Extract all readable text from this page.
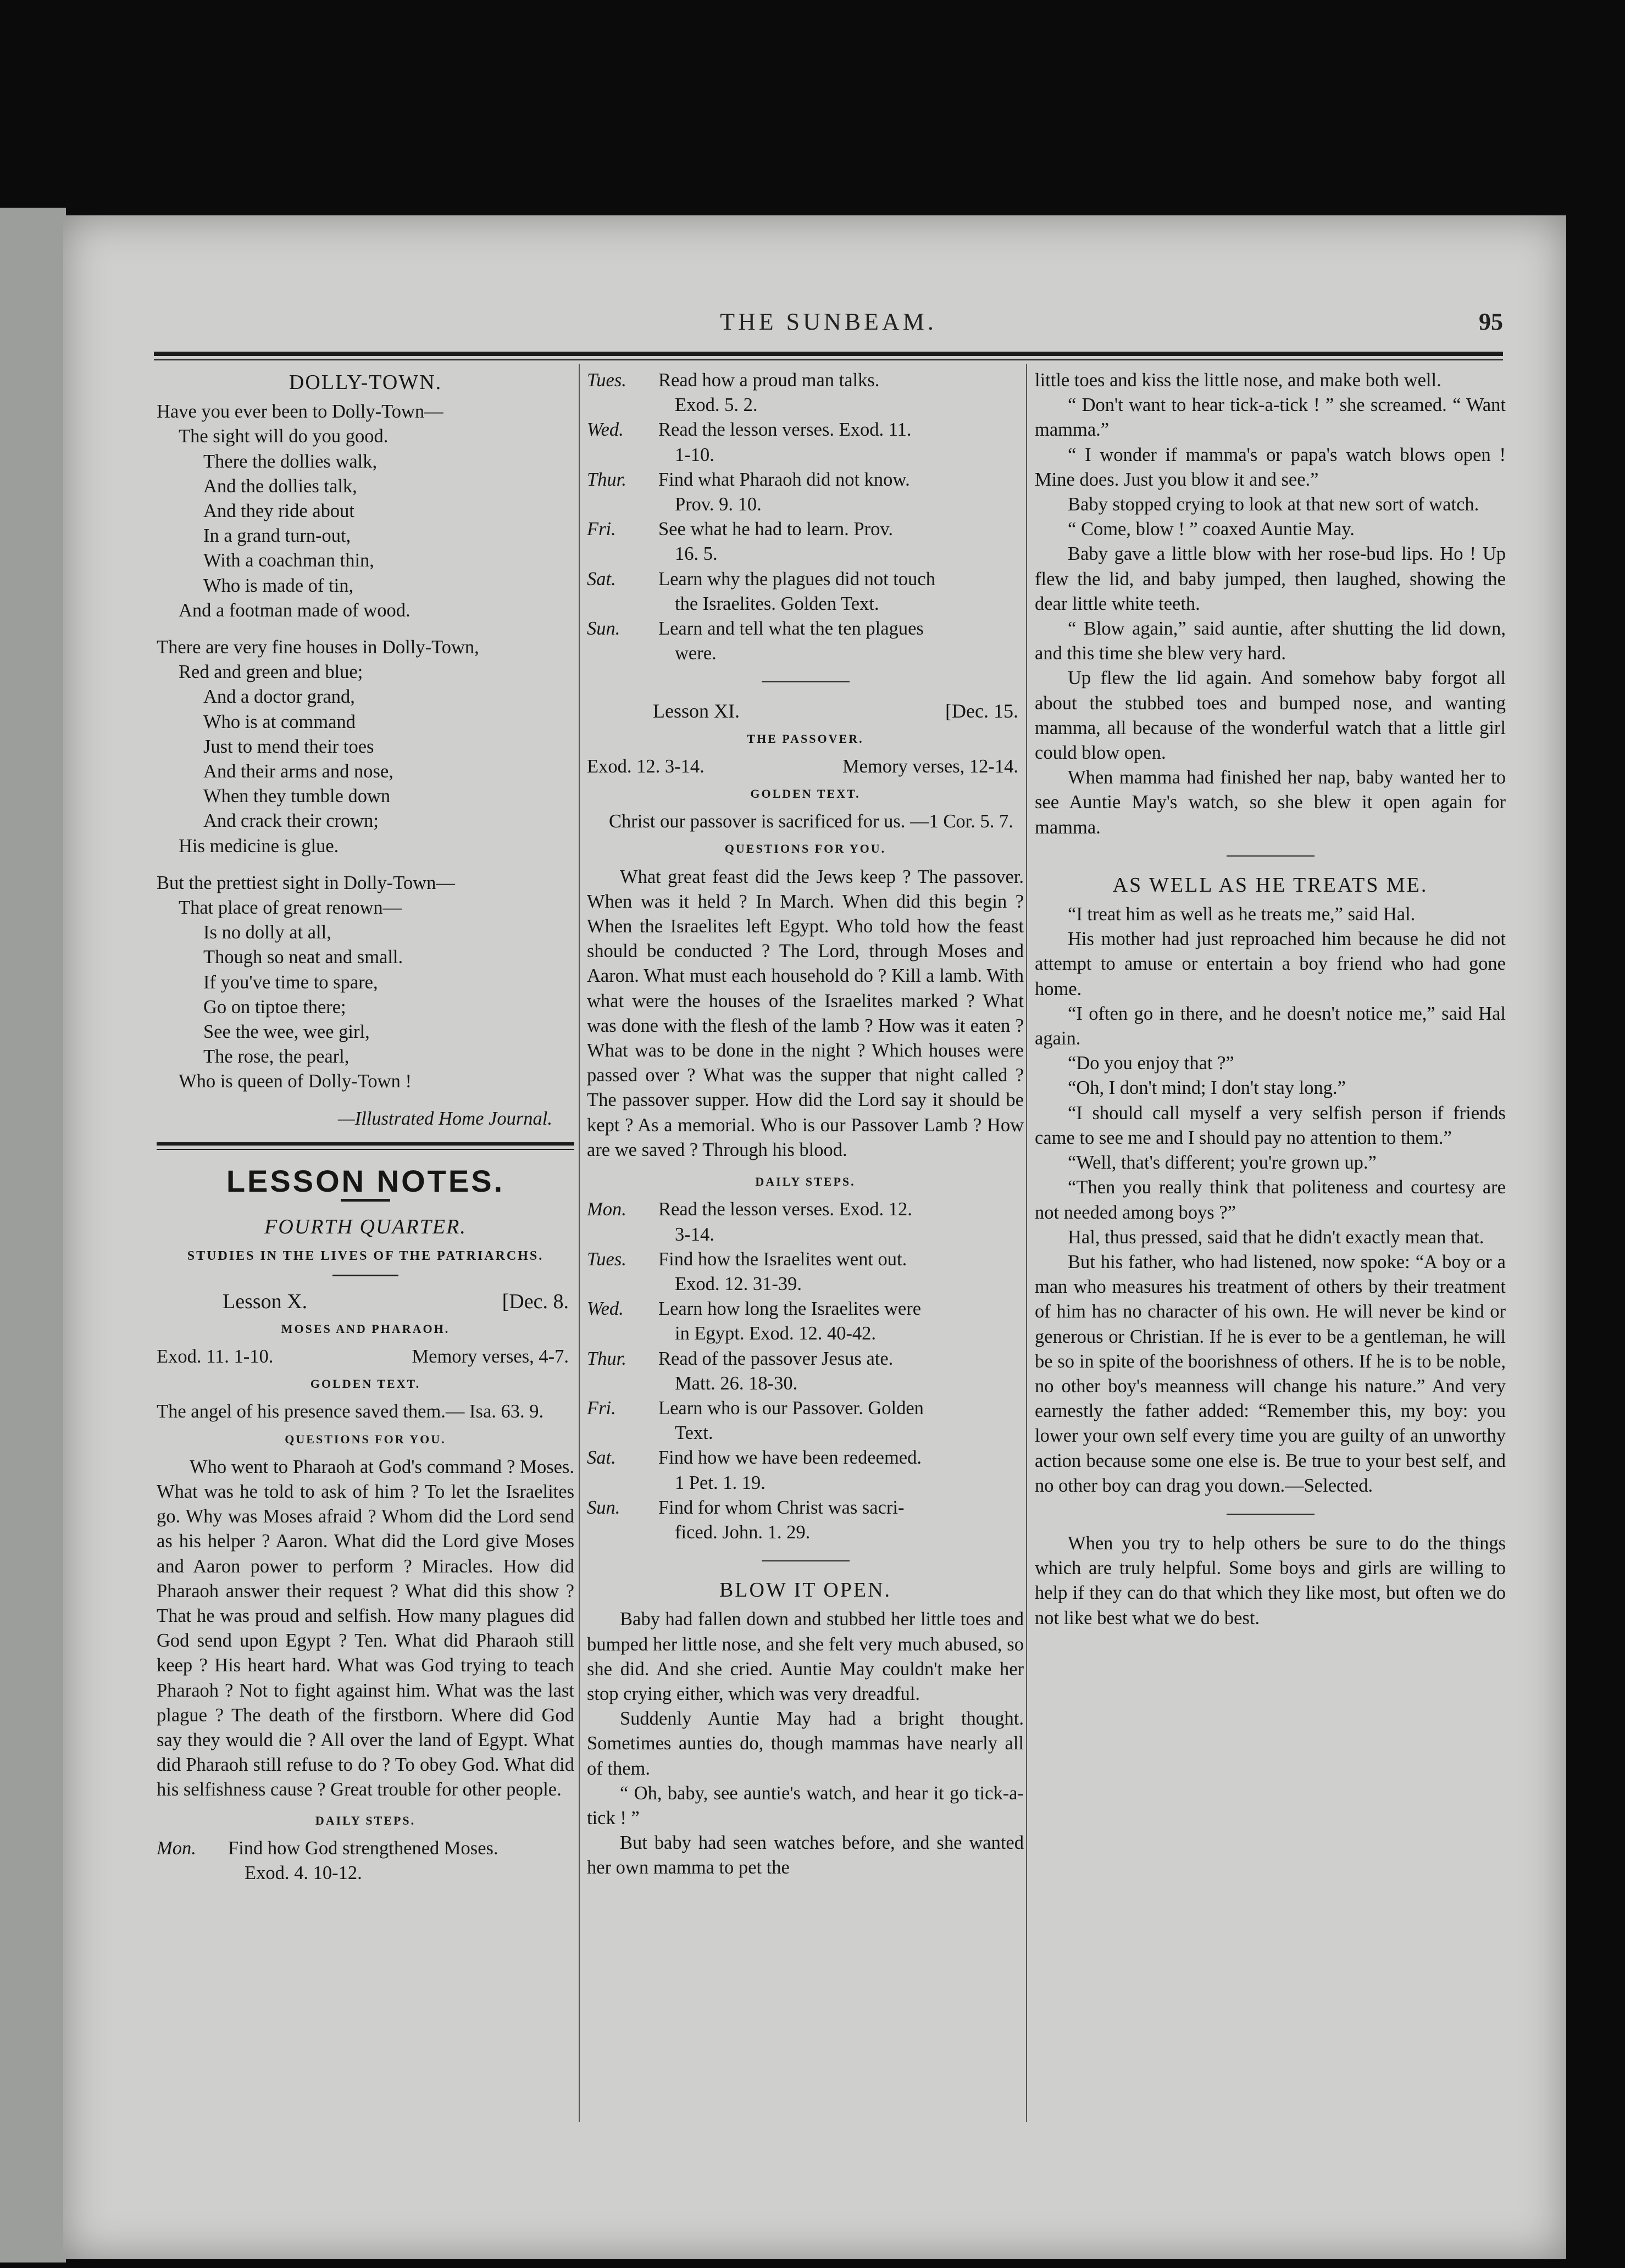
THE SUNBEAM.	95
DOLLY-TOWN.
Have you ever been to Dolly-Town—
The sight will do you good.
There the dollies walk,
And the dollies talk,
And they ride about
In a grand turn-out,
With a coachman thin,
Who is made of tin,
And a footman made of wood.
There are very fine houses in Dolly-Town,
Red and green and blue;
And a doctor grand,
Who is at command
Just to mend their toes
And their arms and nose,
When they tumble down
And crack their crown;
His medicine is glue.
But the prettiest sight in Dolly-Town—
That place of great renown—
Is no dolly at all,
Though so neat and small.
If you've time to spare,
Go on tiptoe there;
See the wee, wee girl,
The rose, the pearl,
Who is queen of Dolly-Town !
—Illustrated Home Journal.
LESSON NOTES.
FOURTH QUARTER.
STUDIES IN THE LIVES OF THE PATRIARCHS.
Lesson X.	[Dec. 8.
MOSES AND PHARAOH.
Exod. 11. 1-10.	Memory verses, 4-7.
GOLDEN TEXT.

The angel of his presence saved them.— Isa. 63. 9.

QUESTIONS FOR YOU.

Who went to Pharaoh at God's command ? Moses. What was he told to ask of him ? To let the Israelites go. Why was Moses afraid ? Whom did the Lord send as his helper ? Aaron. What did the Lord give Moses and Aaron power to perform ? Miracles. How did Pharaoh answer their request ? What did this show ? That he was proud and selfish. How many plagues did God send upon Egypt ? Ten. What did Pharaoh still keep ? His heart hard. What was God trying to teach Pharaoh ? Not to fight against him. What was the last plague ? The death of the firstborn. Where did God say they would die ? All over the land of Egypt. What did Pharaoh still refuse to do ? To obey God. What did his selfishness cause ? Great trouble for other people.

DAILY STEPS.
Mon.	Find how God strengthened Moses.
Exod. 4. 10-12.
Tues.	Read how a proud man talks.
Exod. 5. 2.
Wed.	Read the lesson verses. Exod. 11.
1-10.
Thur.	Find what Pharaoh did not know.
Prov. 9. 10.
Fri.	See what he had to learn. Prov.
16. 5.
Sat.	Learn why the plagues did not touch
the Israelites. Golden Text.
Sun.	Learn and tell what the ten plagues
were.
Lesson XI.	[Dec. 15.
THE PASSOVER.
Exod. 12. 3-14.	Memory verses, 12-14.
GOLDEN TEXT.

Christ our passover is sacrificed for us. —1 Cor. 5. 7.

QUESTIONS FOR YOU.

What great feast did the Jews keep ? The passover. When was it held ? In March. When did this begin ? When the Israelites left Egypt. Who told how the feast should be conducted ? The Lord, through Moses and Aaron. What must each household do ? Kill a lamb. With what were the houses of the Israelites marked ? What was done with the flesh of the lamb ? How was it eaten ? What was to be done in the night ? Which houses were passed over ? What was the supper that night called ? The passover supper. How did the Lord say it should be kept ? As a memorial. Who is our Passover Lamb ? How are we saved ? Through his blood.

DAILY STEPS.
Mon.	Read the lesson verses. Exod. 12.
3-14.
Tues.	Find how the Israelites went out.
Exod. 12. 31-39.
Wed.	Learn how long the Israelites were
in Egypt. Exod. 12. 40-42.
Thur.	Read of the passover Jesus ate.
Matt. 26. 18-30.
Fri.	Learn who is our Passover. Golden
Text.
Sat.	Find how we have been redeemed.
1 Pet. 1. 19.
Sun.	Find for whom Christ was sacri-
ficed. John. 1. 29.
BLOW IT OPEN.

Baby had fallen down and stubbed her little toes and bumped her little nose, and she felt very much abused, so she did. And she cried. Auntie May couldn't make her stop crying either, which was very dreadful.

Suddenly Auntie May had a bright thought. Sometimes aunties do, though mammas have nearly all of them.

“ Oh, baby, see auntie's watch, and hear it go tick-a-tick ! ”

But baby had seen watches before, and she wanted her own mamma to pet the

little toes and kiss the little nose, and make both well.

“ Don't want to hear tick-a-tick ! ” she screamed. “ Want mamma.”

“ I wonder if mamma's or papa's watch blows open ! Mine does. Just you blow it and see.”

Baby stopped crying to look at that new sort of watch.

“ Come, blow ! ” coaxed Auntie May.

Baby gave a little blow with her rose-bud lips. Ho ! Up flew the lid, and baby jumped, then laughed, showing the dear little white teeth.

“ Blow again,” said auntie, after shutting the lid down, and this time she blew very hard.

Up flew the lid again. And somehow baby forgot all about the stubbed toes and bumped nose, and wanting mamma, all because of the wonderful watch that a little girl could blow open.

When mamma had finished her nap, baby wanted her to see Auntie May's watch, so she blew it open again for mamma.

AS WELL AS HE TREATS ME.

“I treat him as well as he treats me,” said Hal.

His mother had just reproached him because he did not attempt to amuse or entertain a boy friend who had gone home.

“I often go in there, and he doesn't notice me,” said Hal again.

“Do you enjoy that ?”

“Oh, I don't mind; I don't stay long.”

“I should call myself a very selfish person if friends came to see me and I should pay no attention to them.”

“Well, that's different; you're grown up.”

“Then you really think that politeness and courtesy are not needed among boys ?”

Hal, thus pressed, said that he didn't exactly mean that.

But his father, who had listened, now spoke: “A boy or a man who measures his treatment of others by their treatment of him has no character of his own. He will never be kind or generous or Christian. If he is ever to be a gentleman, he will be so in spite of the boorishness of others. If he is to be noble, no other boy's meanness will change his nature.” And very earnestly the father added: “Remember this, my boy: you lower your own self every time you are guilty of an unworthy action because some one else is. Be true to your best self, and no other boy can drag you down.—Selected.

When you try to help others be sure to do the things which are truly helpful. Some boys and girls are willing to help if they can do that which they like most, but often we do not like best what we do best.
